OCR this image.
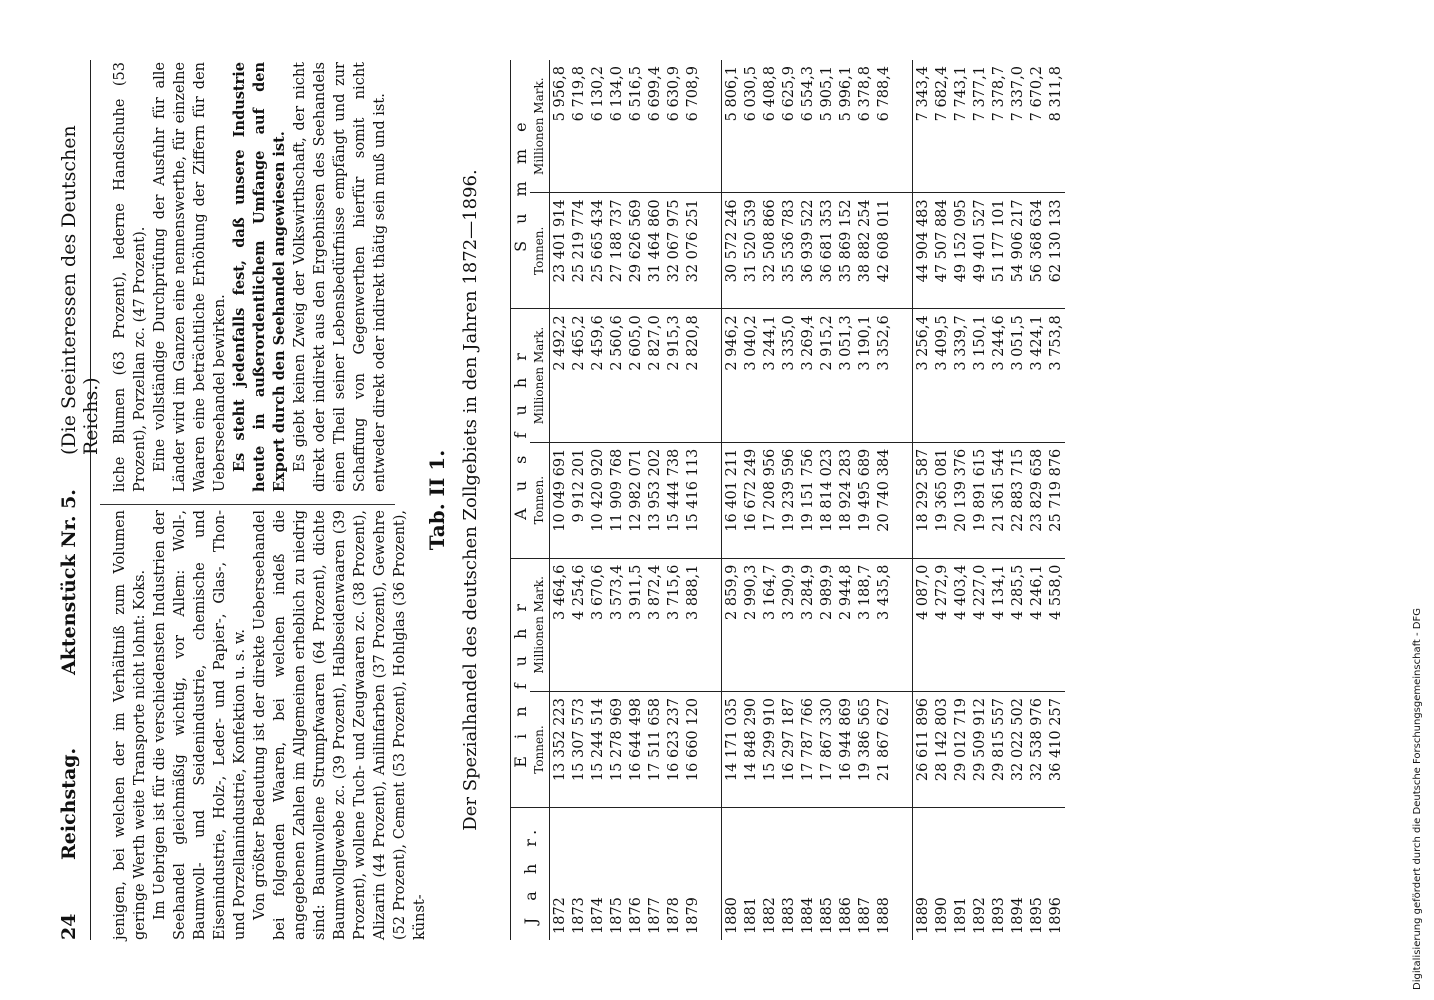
24
Reichstag.
Aktenstück Nr. 5.
(Die Seeinteressen des Deutschen Reichs.)

jenigen, bei welchen der im Verhältniß zum Volumen geringe Werth weite Transporte nicht lohnt: Koks. Im Uebrigen ist für die verschiedensten Industrien der Seehandel gleichmäßig wichtig, vor Allem: Woll-, Baumwoll- und Seidenindustrie, chemische und Eisenindustrie, Holz-, Leder- und Papier-, Glas-, Thon- und Porzellanindustrie, Konfektion u. s. w. Von größter Bedeutung ist der direkte Ueberseehandel bei folgenden Waaren, bei welchen indeß die angegebenen Zahlen im Allgemeinen erheblich zu niedrig sind: Baumwollene Strumpfwaaren (64 Prozent), dichte Baumwollgewebe zc. (39 Prozent), Halbseidenwaaren (39 Prozent), wollene Tuch- und Zeugwaaren zc. (38 Prozent), Alizarin (44 Prozent), Anilinfarben (37 Prozent), Gewehre (52 Prozent), Cement (53 Prozent), Hohlglas (36 Prozent), künst-

liche Blumen (63 Prozent), lederne Handschuhe (53 Prozent), Porzellan zc. (47 Prozent). Eine vollständige Durchprüfung der Ausfuhr für alle Länder wird im Ganzen eine nennenswerthe, für einzelne Waaren eine beträchtliche Erhöhung der Ziffern für den Ueberseehandel bewirken. Es steht jedenfalls fest, daß unsere Industrie heute in außerordentlichem Umfange auf den Export durch den Seehandel angewiesen ist. Es giebt keinen Zweig der Volkswirthschaft, der nicht direkt oder indirekt aus den Ergebnissen des Seehandels einen Theil seiner Lebensbedürfnisse empfängt und zur Schaffung von Gegenwerthen hierfür somit nicht entweder direkt oder indirekt thätig sein muß und ist.

Tab. II 1. Der Spezialhandel des deutschen Zollgebiets in den Jahren 1872—1896.
J a h r.	E i n f u h r		A u s f u h r		S u m m e	
	Tonnen.	Millionen Mark.	Tonnen.	Millionen Mark.	Tonnen.	Millionen Mark.
1872	13 352 223	3 464,6	10 049 691	2 492,2	23 401 914	5 956,8
1873	15 307 573	4 254,6	9 912 201	2 465,2	25 219 774	6 719,8
1874	15 244 514	3 670,6	10 420 920	2 459,6	25 665 434	6 130,2
1875	15 278 969	3 573,4	11 909 768	2 560,6	27 188 737	6 134,0
1876	16 644 498	3 911,5	12 982 071	2 605,0	29 626 569	6 516,5
1877	17 511 658	3 872,4	13 953 202	2 827,0	31 464 860	6 699,4
1878	16 623 237	3 715,6	15 444 738	2 915,3	32 067 975	6 630,9
1879	16 660 120	3 888,1	15 416 113	2 820,8	32 076 251	6 708,9

1880	14 171 035	2 859,9	16 401 211	2 946,2	30 572 246	5 806,1
1881	14 848 290	2 990,3	16 672 249	3 040,2	31 520 539	6 030,5
1882	15 299 910	3 164,7	17 208 956	3 244,1	32 508 866	6 408,8
1883	16 297 187	3 290,9	19 239 596	3 335,0	35 536 783	6 625,9
1884	17 787 766	3 284,9	19 151 756	3 269,4	36 939 522	6 554,3
1885	17 867 330	2 989,9	18 814 023	2 915,2	36 681 353	5 905,1
1886	16 944 869	2 944,8	18 924 283	3 051,3	35 869 152	5 996,1
1887	19 386 565	3 188,7	19 495 689	3 190,1	38 882 254	6 378,8
1888	21 867 627	3 435,8	20 740 384	3 352,6	42 608 011	6 788,4

1889	26 611 896	4 087,0	18 292 587	3 256,4	44 904 483	7 343,4
1890	28 142 803	4 272,9	19 365 081	3 409,5	47 507 884	7 682,4
1891	29 012 719	4 403,4	20 139 376	3 339,7	49 152 095	7 743,1
1892	29 509 912	4 227,0	19 891 615	3 150,1	49 401 527	7 377,1
1893	29 815 557	4 134,1	21 361 544	3 244,6	51 177 101	7 378,7
1894	32 022 502	4 285,5	22 883 715	3 051,5	54 906 217	7 337,0
1895	32 538 976	4 246,1	23 829 658	3 424,1	56 368 634	7 670,2
1896	36 410 257	4 558,0	25 719 876	3 753,8	62 130 133	8 311,8
Digitalisierung gefördert durch die Deutsche Forschungsgemeinschaft - DFG
